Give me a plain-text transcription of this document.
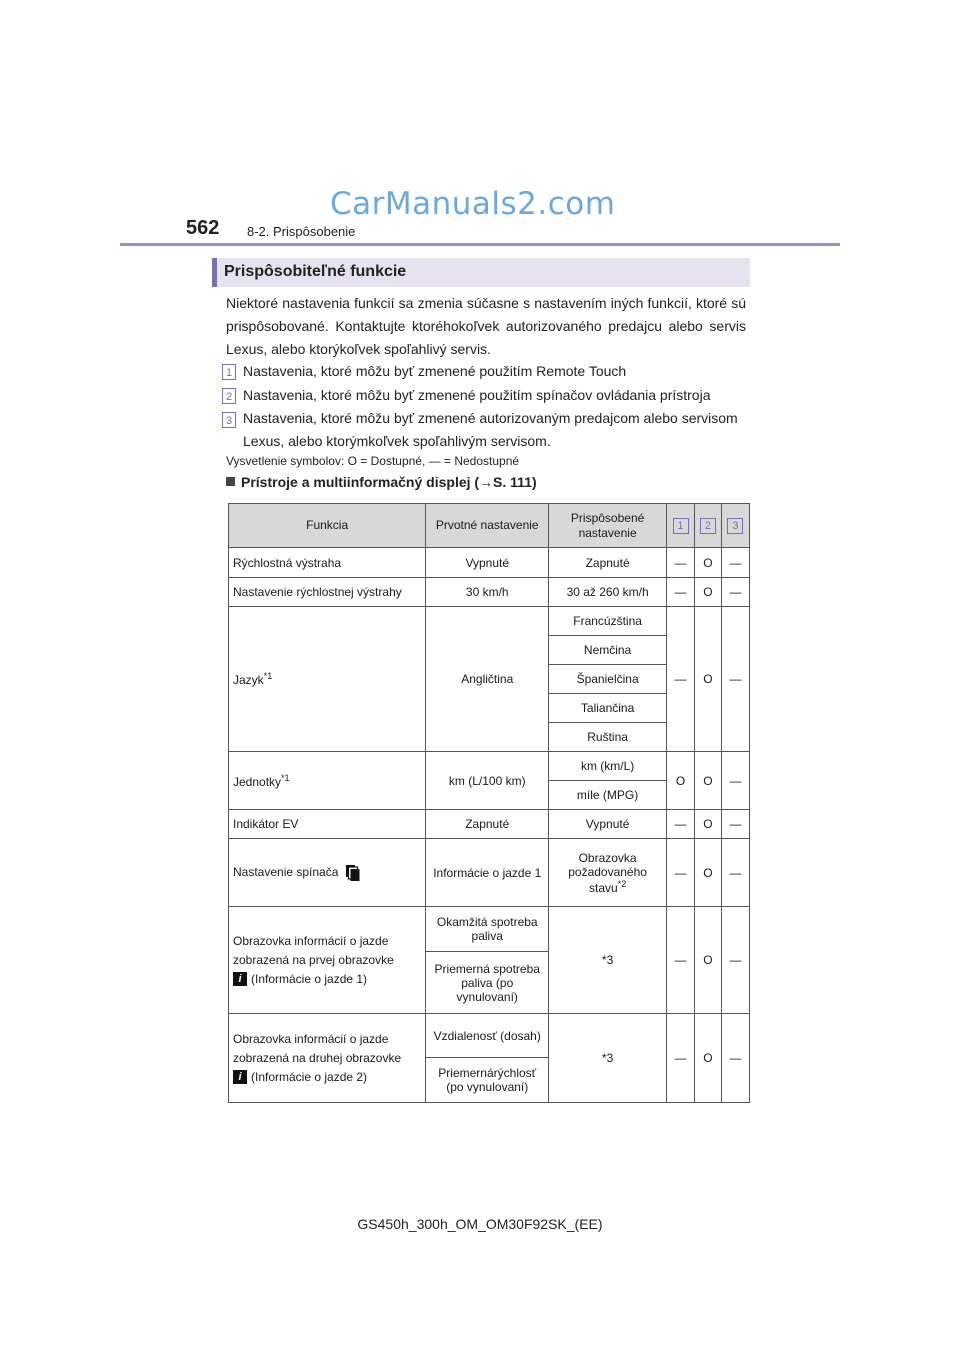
CarManuals2.com
562 8-2. Prispôsobenie
Prispôsobiteľné funkcie
Niektoré nastavenia funkcií sa zmenia súčasne s nastavením iných funkcií, ktoré sú prispôsobované. Kontaktujte ktoréhokoľvek autorizovaného predajcu alebo servis Lexus, alebo ktorýkoľvek spoľahlivý servis.
1 Nastavenia, ktoré môžu byť zmenené použitím Remote Touch
2 Nastavenia, ktoré môžu byť zmenené použitím spínačov ovládania prístroja
3 Nastavenia, ktoré môžu byť zmenené autorizovaným predajcom alebo servisom Lexus, alebo ktorýmkoľvek spoľahlivým servisom.
Vysvetlenie symbolov: O = Dostupné, — = Nedostupné
Prístroje a multiinformačný displej (→S. 111)
Funkcia	Prvotné nastavenie	Prispôsobené nastavenie	1	2	3
Rýchlostná výstraha	Vypnuté	Zapnuté	—	O	—
Nastavenie rýchlostnej výstrahy	30 km/h	30 až 260 km/h	—	O	—
Jazyk$^{*1}$	Angličtina	Francúzština	—	O	—
		Nemčina			
		Španielčina			
		Taliančina			
		Ruština			
Jednotky$^{*1}$	km (L/100 km)	km (km/L)	O	O	—
		míle (MPG)			
Indikátor EV	Zapnuté	Vypnuté	—	O	—
Nastavenie spínača	Informácie o jazde 1	Obrazovka požadovaného stavu$^{*2}$	—	O	—
Obrazovka informácií o jazde zobrazená na prvej obrazovke
i (Informácie o jazde 1)	Okamžitá spotreba paliva	*3	—	O	—
	Priemerná spotreba paliva (po vynulovaní)				
Obrazovka informácií o jazde zobrazená na druhej obrazovke
i (Informácie o jazde 2)	Vzdialenosť (dosah)	*3	—	O	—
	Priemernárýchlosť (po vynulovaní)				
GS450h_300h_OM_OM30F92SK_(EE)
